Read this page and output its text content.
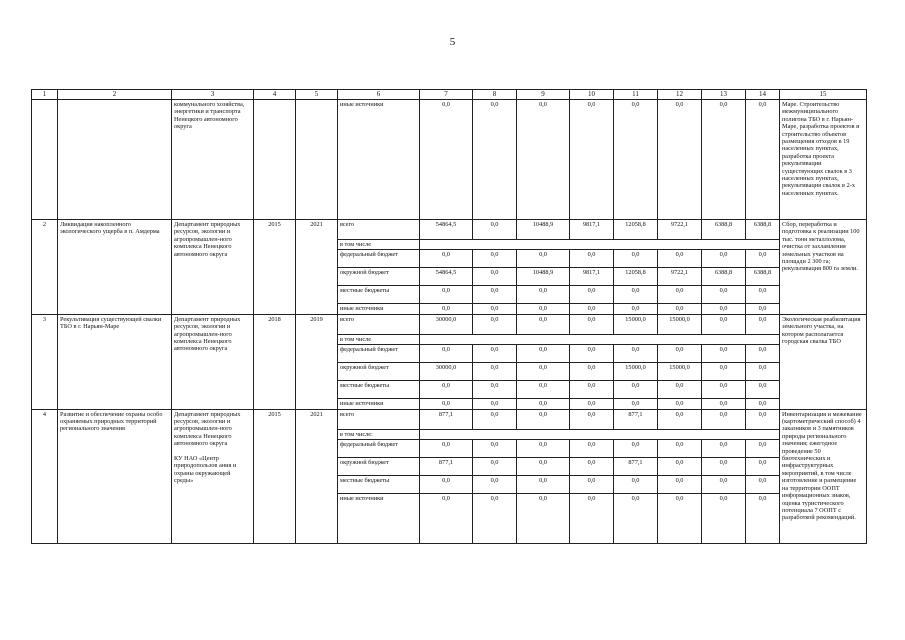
5
1	2	3	4	5	6	7	8	9	10	11	12	13	14	15
		коммунального хозяйства, энергетики и транспорта Ненецкого автономного округа			иные источники	0,0	0,0	0,0	0,0	0,0	0,0	0,0	0,0	Маре. Строительство межмуниципального полигона ТБО в г. Нарьян-Маре, разработка проектов и строительство объектов размещения отходов в 19 населенных пунктах, разработка проекта рекультивации существующих свалок в 3 населенных пунктах, рекультивация свалок в 2-х населенных пунктах.
2	Ликвидация накопленного экологического ущерба в п. Амдерма	Департамент природных ресурсов, экологии и агропромышлен-ного комплекса Ненецкого автономного округа	2015	2021	всего	54864,5	0,0	10488,9	9817,1	12058,8	9722,1	6388,8	6388,8	Сбор, переработка и подготовка к реализации 100 тыс. тонн металлолома, очистка от захламления земельных участков на площади 2 300 га; рекультивация 800 га земли.
					в том числе									
					федеральный бюджет	0,0	0,0	0,0	0,0	0,0	0,0	0,0	0,0	
					окружной бюджет	54864,5	0,0	10488,9	9817,1	12058,8	9722,1	6388,8	6388,8	
					местные бюджеты	0,0	0,0	0,0	0,0	0,0	0,0	0,0	0,0	
					иные источники	0,0	0,0	0,0	0,0	0,0	0,0	0,0	0,0	
3	Рекультивация существующей свалки ТБО в г. Нарьян-Маре	Департамент природных ресурсов, экологии и агропромышлен-ного комплекса Ненецкого автономного округа	2018	2019	всего	30000,0	0,0	0,0	0,0	15000,0	15000,0	0,0	0,0	Экологическая реабилитация земельного участка, на котором располагается городская свалка ТБО
					в том числе									
					федеральный бюджет	0,0	0,0	0,0	0,0	0,0	0,0	0,0	0,0	
					окружной бюджет	30000,0	0,0	0,0	0,0	15000,0	15000,0	0,0	0,0	
					местные бюджеты	0,0	0,0	0,0	0,0	0,0	0,0	0,0	0,0	
					иные источники	0,0	0,0	0,0	0,0	0,0	0,0	0,0	0,0	
4	Развитие и обеспечение охраны особо охраняемых природных территорий регионального значения	Департамент природных ресурсов, экологии и агропромышлен-ного комплекса Ненецкого автономного округа

КУ НАО «Центр природопользов ания и охраны окружающей среды»	2015	2021	всего	877,1	0,0	0,0	0,0	877,1	0,0	0,0	0,0	Инвентаризация и межевание (картометрический способ) 4 заказников и 3 памятников природы регионального значения; ежегодное проведение 50 биотехнических и инфраструктурных мероприятий, в том числе изготовление и размещение на территории ООПТ информационных знаков, оценка туристического потенциала 7 ООПТ с разработкой рекомендаций.
					в том числе:									
					федеральный бюджет	0,0	0,0	0,0	0,0	0,0	0,0	0,0	0,0	
					окружной бюджет	877,1	0,0	0,0	0,0	877,1	0,0	0,0	0,0	
					местные бюджеты	0,0	0,0	0,0	0,0	0,0	0,0	0,0	0,0	
					иные источники	0,0	0,0	0,0	0,0	0,0	0,0	0,0	0,0	
